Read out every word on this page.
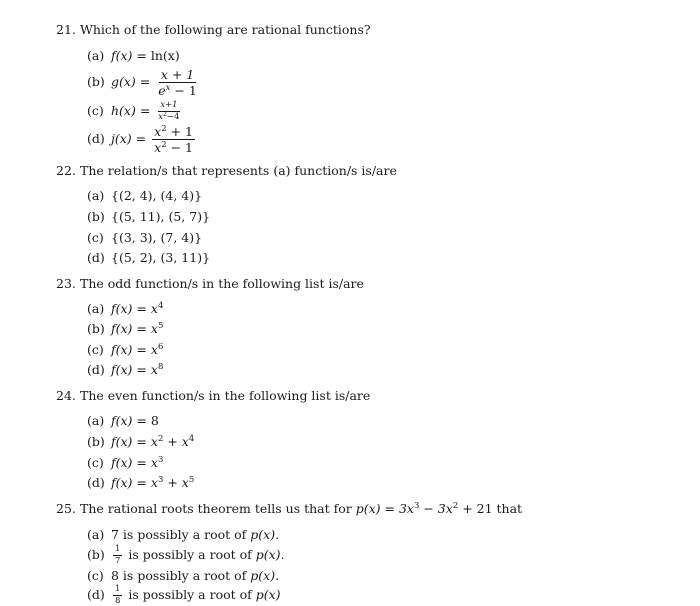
21. Which of the following are rational functions?
(a) f(x) = ln(x)
(b) $g(x) = \frac{x + 1}{e^x - 1}$
(c) $h(x) = \frac{x+1}{x^2-4}$
(d) $j(x) = \frac{x^2 + 1}{x^2 - 1}$
22. The relation/s that represents (a) function/s is/are
(a) {(2, 4), (4, 4)}
(b) {(5, 11), (5, 7)}
(c) {(3, 3), (7, 4)}
(d) {(5, 2), (3, 11)}
23. The odd function/s in the following list is/are
(a) $f(x) = x^4$
(b) $f(x) = x^5$
(c) $f(x) = x^6$
(d) $f(x) = x^8$
24. The even function/s in the following list is/are
(a) f(x) = 8
(b) $f(x) = x^2 + x^4$
(c) $f(x) = x^3$
(d) $f(x) = x^3 + x^5$
25. The rational roots theorem tells us that for $p(x) = 3x^3 - 3x^2 + 21$ that
(a) 7 is possibly a root of p(x).
$(b) \frac{1}{7}$ is possibly a root of p(x).
(c) 8 is possibly a root of p(x).
$(d) \frac{1}{8}$ is possibly a root of p(x)
